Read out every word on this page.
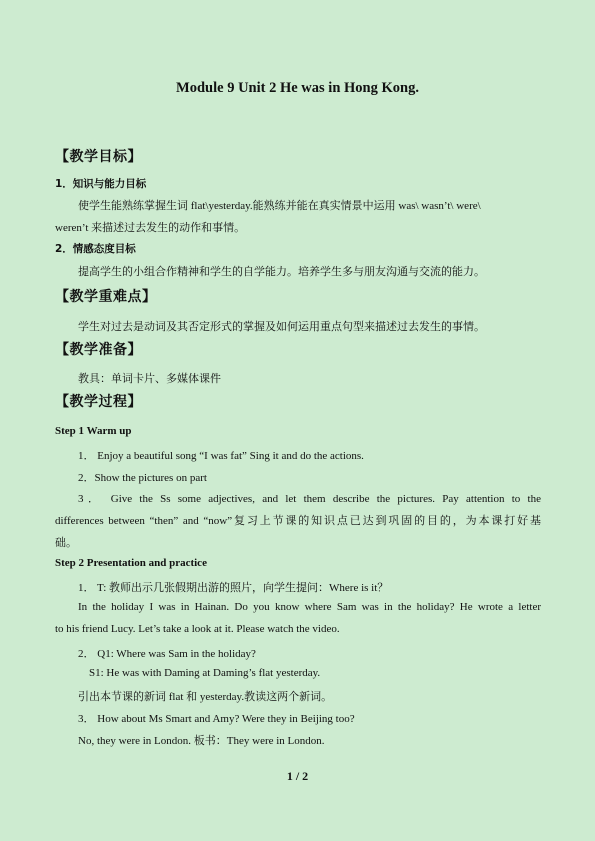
Module 9 Unit 2 He was in Hong Kong.
【教学目标】
1．知识与能力目标
使学生能熟练掌握生词 flat\yesterday.能熟练并能在真实情景中运用 was\ wasn’t\ were\
weren’t 来描述过去发生的动作和事情。
2．情感态度目标
提高学生的小组合作精神和学生的自学能力。培养学生多与朋友沟通与交流的能力。
【教学重难点】
学生对过去是动词及其否定形式的掌握及如何运用重点句型来描述过去发生的事情。
【教学准备】
教具：单词卡片、多媒体课件
【教学过程】
Step 1 Warm up
1． Enjoy a beautiful song “I was fat” Sing it and do the actions.
2．Show the pictures on part
3． Give the Ss some adjectives, and let them describe the pictures. Pay attention to the
differences between “then” and “now”复习上节课的知识点已达到巩固的目的，为本课打好基
础。
Step 2 Presentation and practice
1． T: 教师出示几张假期出游的照片，向学生提问：Where is it？
In the holiday I was in Hainan. Do you know where Sam was in the holiday? He wrote a letter
to his friend Lucy. Let’s take a look at it. Please watch the video.
2． Q1: Where was Sam in the holiday?
S1: He was with Daming at Daming’s flat yesterday.
引出本节课的新词 flat 和 yesterday.教读这两个新词。
3． How about Ms Smart and Amy? Were they in Beijing too?
No, they were in London. 板书：They were in London.
1 / 2
